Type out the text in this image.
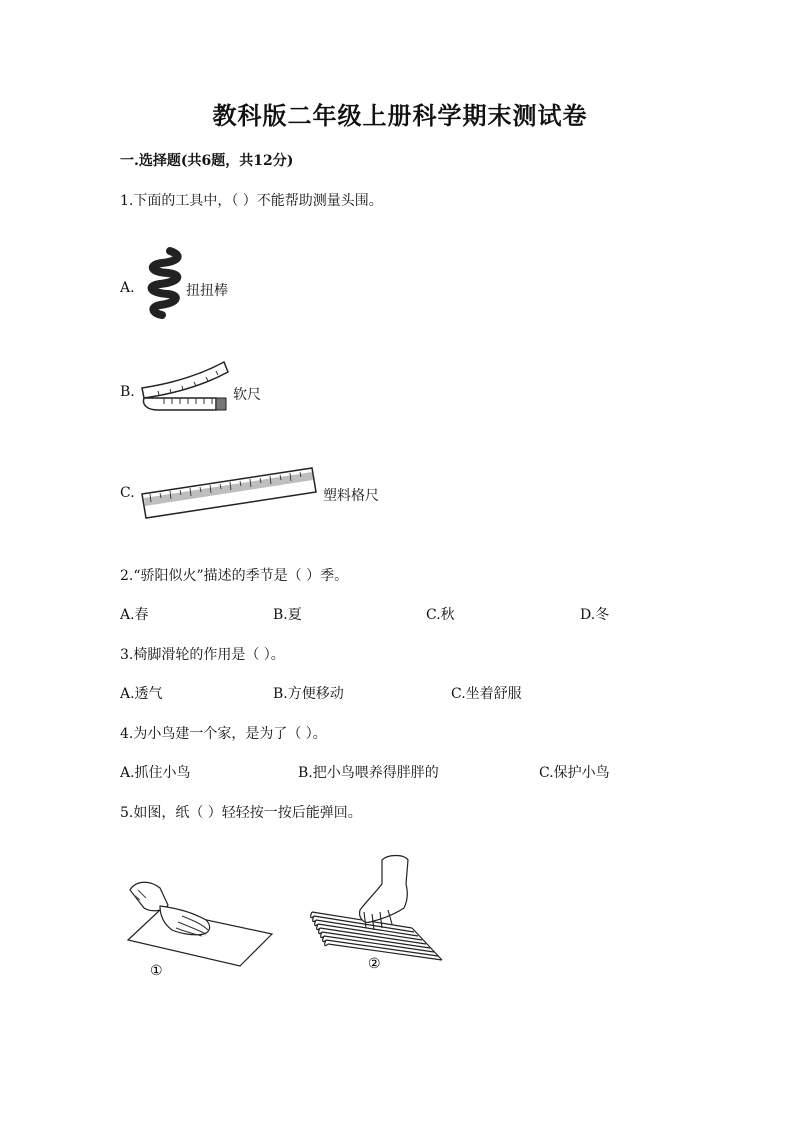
教科版二年级上册科学期末测试卷
一.选择题(共6题，共12分)
1.下面的工具中，（ ）不能帮助测量头围。
A.	扭扭棒
B.	软尺
C.	塑料格尺
2.“骄阳似火”描述的季节是（ ）季。
A.春	B.夏	C.秋	D.冬
3.椅脚滑轮的作用是（ ）。
A.透气	B.方便移动	C.坐着舒服
4.为小鸟建一个家，是为了（ ）。
A.抓住小鸟	B.把小鸟喂养得胖胖的	C.保护小鸟
5.如图，纸（ ）轻轻按一按后能弹回。
①	②
